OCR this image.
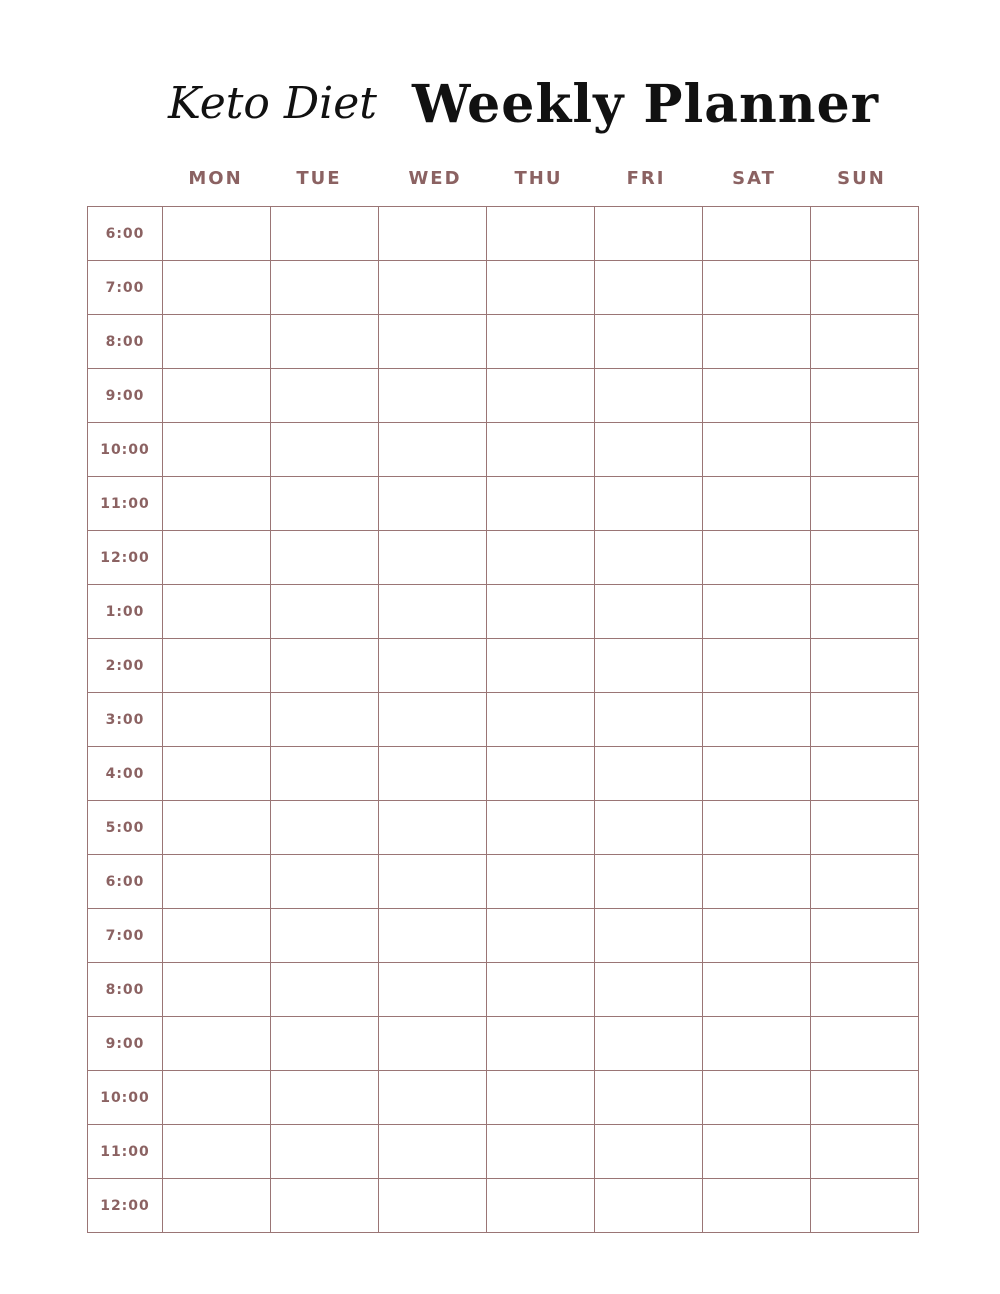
Keto Diet Weekly Planner
MON	TUE	WED	THU	FRI	SAT	SUN
6:00							
7:00							
8:00							
9:00							
10:00							
11:00							
12:00							
1:00							
2:00							
3:00							
4:00							
5:00							
6:00							
7:00							
8:00							
9:00							
10:00							
11:00							
12:00							
